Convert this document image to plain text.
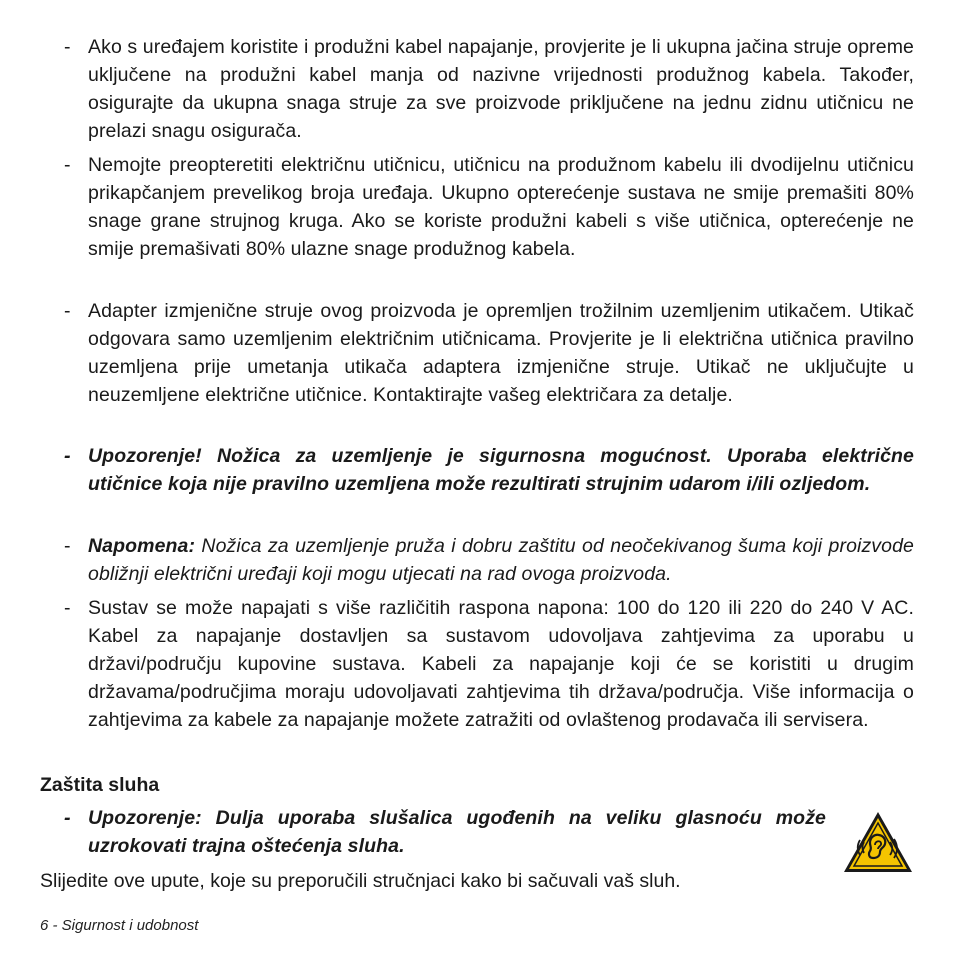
- Ako s uređajem koristite i produžni kabel napajanje, provjerite je li ukupna jačina struje opreme uključene na produžni kabel manja od nazivne vrijednosti produžnog kabela. Također, osigurajte da ukupna snaga struje za sve proizvode priključene na jednu zidnu utičnicu ne prelazi snagu osigurača.
- Nemojte preopteretiti električnu utičnicu, utičnicu na produžnom kabelu ili dvodijelnu utičnicu prikapčanjem prevelikog broja uređaja. Ukupno opterećenje sustava ne smije premašiti 80% snage grane strujnog kruga. Ako se koriste produžni kabeli s više utičnica, opterećenje ne smije premašivati 80% ulazne snage produžnog kabela.
- Adapter izmjenične struje ovog proizvoda je opremljen trožilnim uzemljenim utikačem. Utikač odgovara samo uzemljenim električnim utičnicama. Provjerite je li električna utičnica pravilno uzemljena prije umetanja utikača adaptera izmjenične struje. Utikač ne uključujte u neuzemljene električne utičnice. Kontaktirajte vašeg električara za detalje.
- Upozorenje! Nožica za uzemljenje je sigurnosna mogućnost. Uporaba električne utičnice koja nije pravilno uzemljena može rezultirati strujnim udarom i/ili ozljedom.
- Napomena: Nožica za uzemljenje pruža i dobru zaštitu od neočekivanog šuma koji proizvode obližnji električni uređaji koji mogu utjecati na rad ovoga proizvoda.
- Sustav se može napajati s više različitih raspona napona: 100 do 120 ili 220 do 240 V AC. Kabel za napajanje dostavljen sa sustavom udovoljava zahtjevima za uporabu u državi/području kupovine sustava. Kabeli za napajanje koji će se koristiti u drugim državama/područjima moraju udovoljavati zahtjevima tih država/područja. Više informacija o zahtjevima za kabele za napajanje možete zatražiti od ovlaštenog prodavača ili servisera.
Zaštita sluha
- Upozorenje: Dulja uporaba slušalica ugođenih na veliku glasnoću može uzrokovati trajna oštećenja sluha.
Slijedite ove upute, koje su preporučili stručnjaci kako bi sačuvali vaš sluh.
6 - Sigurnost i udobnost
